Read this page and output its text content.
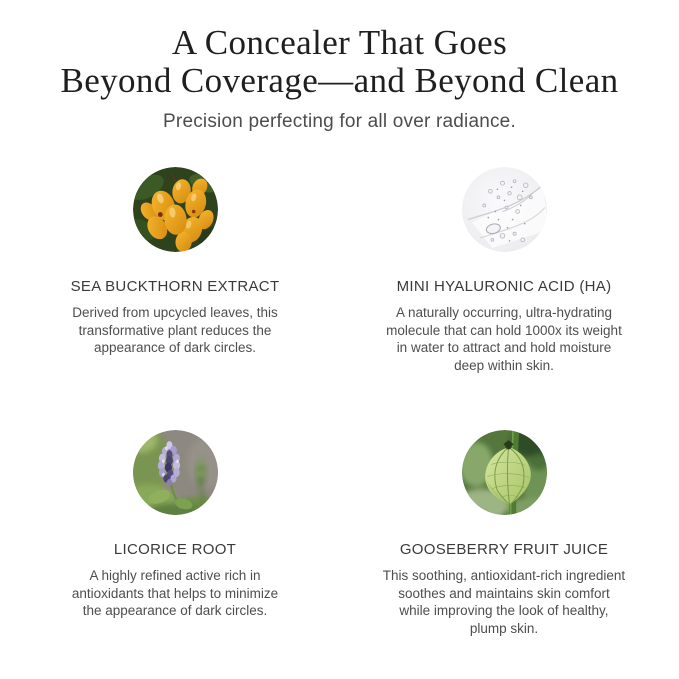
A Concealer That Goes
Beyond Coverage—and Beyond Clean
Precision perfecting for all over radiance.
SEA BUCKTHORN EXTRACT
Derived from upcycled leaves, this
transformative plant reduces the
appearance of dark circles.
MINI HYALURONIC ACID (HA)
A naturally occurring, ultra-hydrating
molecule that can hold 1000x its weight
in water to attract and hold moisture
deep within skin.
LICORICE ROOT
A highly refined active rich in
antioxidants that helps to minimize
the appearance of dark circles.
GOOSEBERRY FRUIT JUICE
This soothing, antioxidant-rich ingredient
soothes and maintains skin comfort
while improving the look of healthy,
plump skin.
